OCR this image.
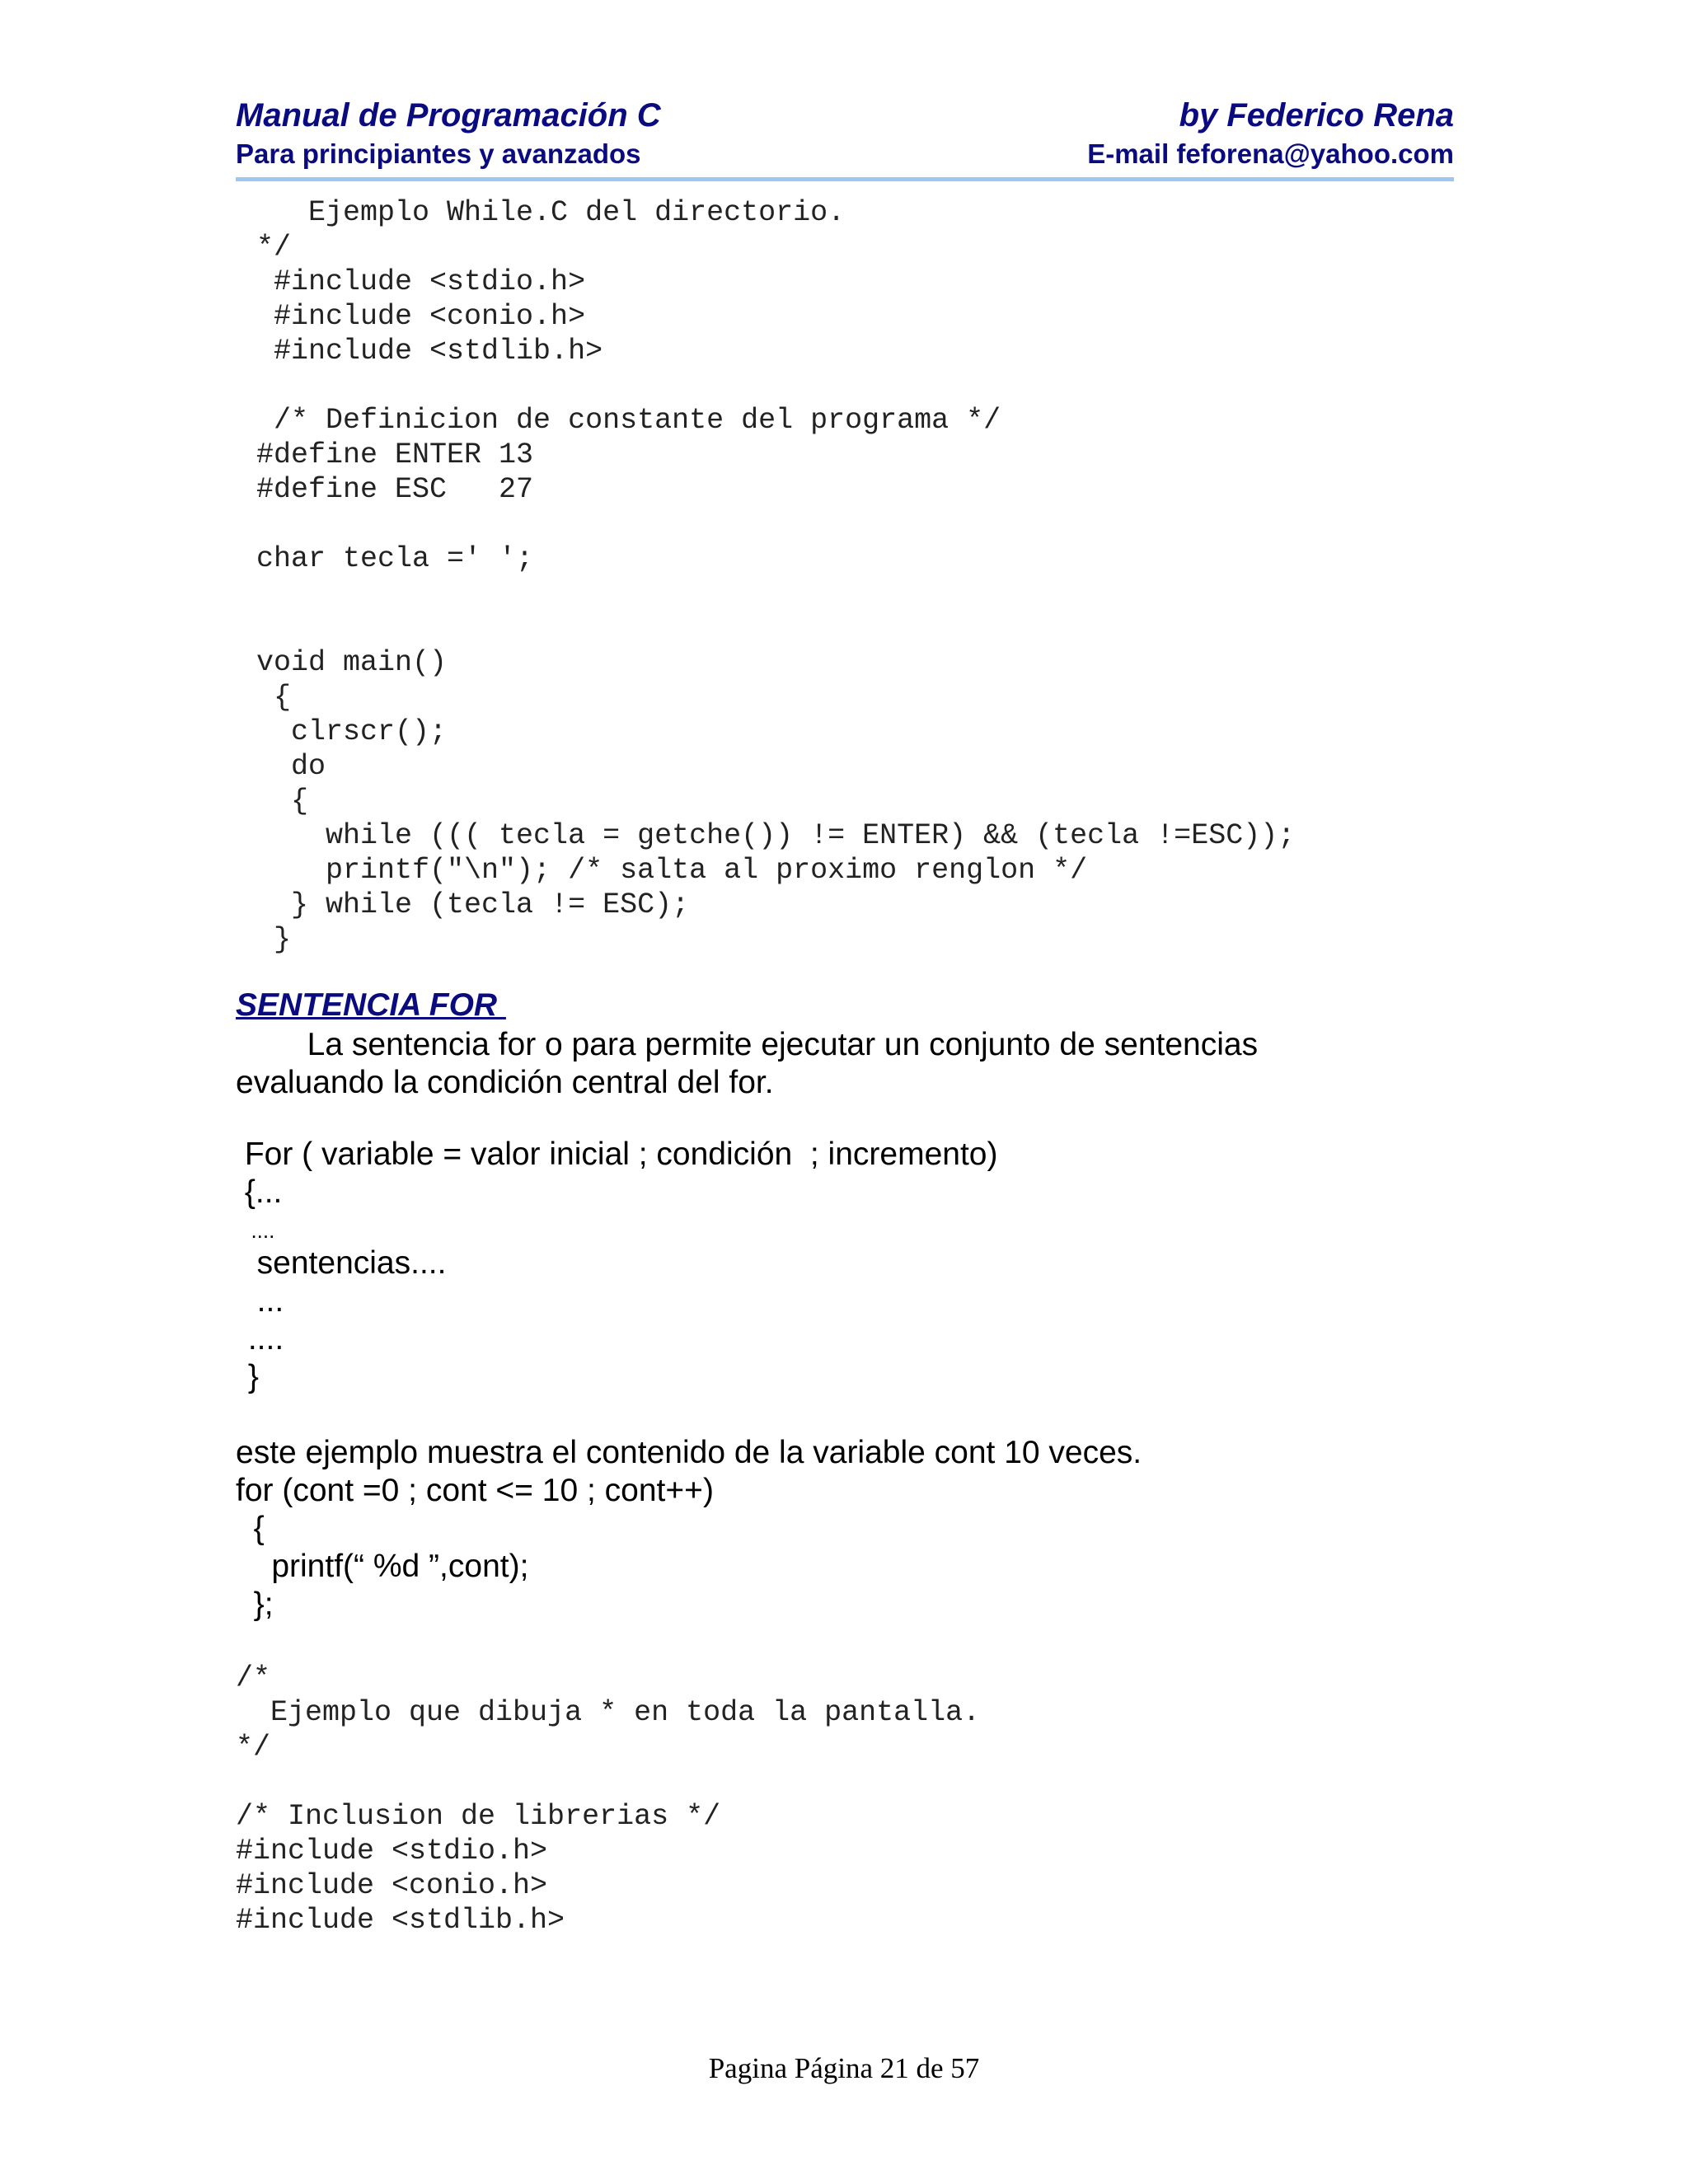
Manual de Programación C	by Federico Rena
Para principiantes y avanzados	E-mail feforena@yahoo.com
Ejemplo While.C del directorio.
*/
#include <stdio.h>
#include <conio.h>
#include <stdlib.h>

/* Definicion de constante del programa */
#define ENTER 13
#define ESC   27

char tecla =' ';

void main()
{
clrscr();
do
{
while ((( tecla = getche()) != ENTER) && (tecla !=ESC));
printf("\n"); /* salta al proximo renglon */
} while (tecla != ESC);
}
SENTENCIA FOR
La sentencia for o para permite ejecutar un conjunto de sentencias
evaluando la condición central del for.
For ( variable = valor inicial ; condición  ; incremento)
{...
....
sentencias....
...
....
}
este ejemplo muestra el contenido de la variable cont 10 veces.
for (cont =0 ; cont <= 10 ; cont++)
{
printf(“ %d ”,cont);
};
/*
Ejemplo que dibuja * en toda la pantalla.
*/

/* Inclusion de librerias */
#include <stdio.h>
#include <conio.h>
#include <stdlib.h>
Pagina Página 21 de 57
